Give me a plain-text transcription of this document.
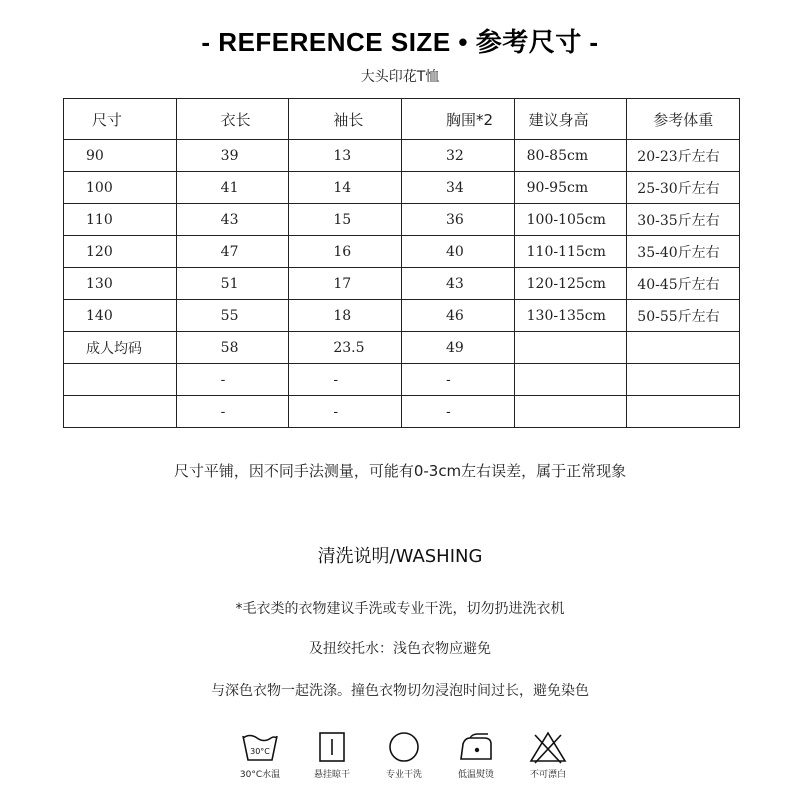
- REFERENCE SIZE • 参考尺寸 -
大头印花T恤
尺寸	衣长	袖长	胸围*2	建议身高	参考体重
90	39	13	32	80-85cm	20-23斤左右
100	41	14	34	90-95cm	25-30斤左右
110	43	15	36	100-105cm	30-35斤左右
120	47	16	40	110-115cm	35-40斤左右
130	51	17	43	120-125cm	40-45斤左右
140	55	18	46	130-135cm	50-55斤左右
成人均码	58	23.5	49		
	-	-	-		
	-	-	-		
尺寸平铺，因不同手法测量，可能有0-3cm左右误差，属于正常现象
清洗说明/WASHING
*毛衣类的衣物建议手洗或专业干洗，切勿扔进洗衣机
及扭绞托水：浅色衣物应避免
与深色衣物一起洗涤。撞色衣物切勿浸泡时间过长，避免染色
30°C
30°C水温	悬挂晾干	专业干洗	低温熨烫	不可漂白
